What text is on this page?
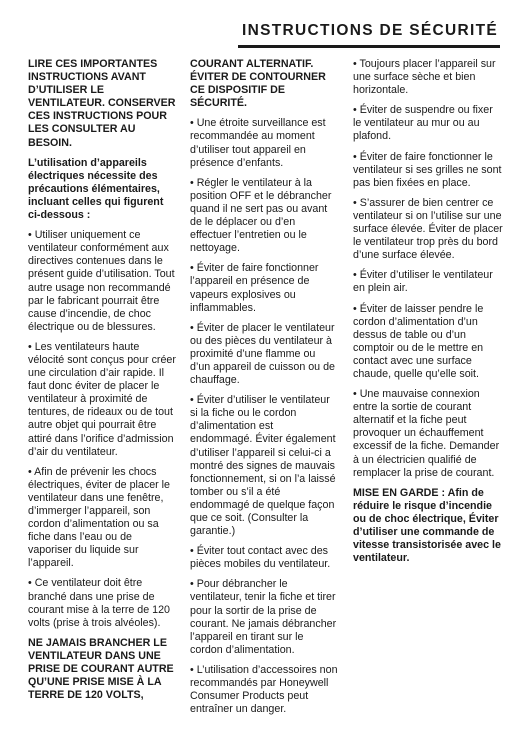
INSTRUCTIONS DE SÉCURITÉ

LIRE CES IMPORTANTES INSTRUCTIONS AVANT D’UTILISER LE VENTILATEUR. CONSERVER CES INSTRUCTIONS POUR LES CONSULTER AU BESOIN.

L’utilisation d’appareils électriques nécessite des précautions élémentaires, incluant celles qui figurent ci-dessous :

• Utiliser uniquement ce ventilateur conformément aux directives contenues dans le présent guide d’utilisation. Tout autre usage non recommandé par le fabricant pourrait être cause d’incendie, de choc électrique ou de blessures.

• Les ventilateurs haute vélocité sont conçus pour créer une circulation d’air rapide. Il faut donc éviter de placer le ventilateur à proximité de tentures, de rideaux ou de tout autre objet qui pourrait être attiré dans l’orifice d’admission d’air du ventilateur.

• Afin de prévenir les chocs électriques, éviter de placer le ventilateur dans une fenêtre, d’immerger l’appareil, son cordon d’alimentation ou sa fiche dans l’eau ou de vaporiser du liquide sur l’appareil.

• Ce ventilateur doit être branché dans une prise de courant mise à la terre de 120 volts (prise à trois alvéoles).

NE JAMAIS BRANCHER LE VENTILATEUR DANS UNE PRISE DE COURANT AUTRE QU’UNE PRISE MISE À LA TERRE DE 120 VOLTS,

COURANT ALTERNATIF. ÉVITER DE CONTOURNER CE DISPOSITIF DE SÉCURITÉ.

• Une étroite surveillance est recommandée au moment d’utiliser tout appareil en présence d’enfants.

• Régler le ventilateur à la position OFF et le débrancher quand il ne sert pas ou avant de le déplacer ou d’en effectuer l’entretien ou le nettoyage.

• Éviter de faire fonctionner l’appareil en présence de vapeurs explosives ou inflammables.

• Éviter de placer le ventilateur ou des pièces du ventilateur à proximité d’une flamme ou d’un appareil de cuisson ou de chauffage.

• Éviter d’utiliser le ventilateur si la fiche ou le cordon d’alimentation est endommagé. Éviter également d’utiliser l’appareil si celui-ci a montré des signes de mauvais fonctionnement, si on l’a laissé tomber ou s’il a été endommagé de quelque façon que ce soit. (Consulter la garantie.)

• Éviter tout contact avec des pièces mobiles du ventilateur.

• Pour débrancher le ventilateur, tenir la fiche et tirer pour la sortir de la prise de courant. Ne jamais débrancher l’appareil en tirant sur le cordon d’alimentation.

• L’utilisation d’accessoires non recommandés par Honeywell Consumer Products peut entraîner un danger.

• Toujours placer l’appareil sur une surface sèche et bien horizontale.

• Éviter de suspendre ou fixer le ventilateur au mur ou au plafond.

• Éviter de faire fonctionner le ventilateur si ses grilles ne sont pas bien fixées en place.

• S’assurer de bien centrer ce ventilateur si on l’utilise sur une surface élevée. Éviter de placer le ventilateur trop près du bord d’une surface élevée.

• Éviter d’utiliser le ventilateur en plein air.

• Éviter de laisser pendre le cordon d’alimentation d’un dessus de table ou d’un comptoir ou de le mettre en contact avec une surface chaude, quelle qu’elle soit.

• Une mauvaise connexion entre la sortie de courant alternatif et la fiche peut provoquer un échauffement excessif de la fiche. Demander à un électricien qualifié de remplacer la prise de courant.

MISE EN GARDE : Afin de réduire le risque d’incendie ou de choc électrique, Éviter d’utiliser une commande de vitesse transistorisée avec le ventilateur.
